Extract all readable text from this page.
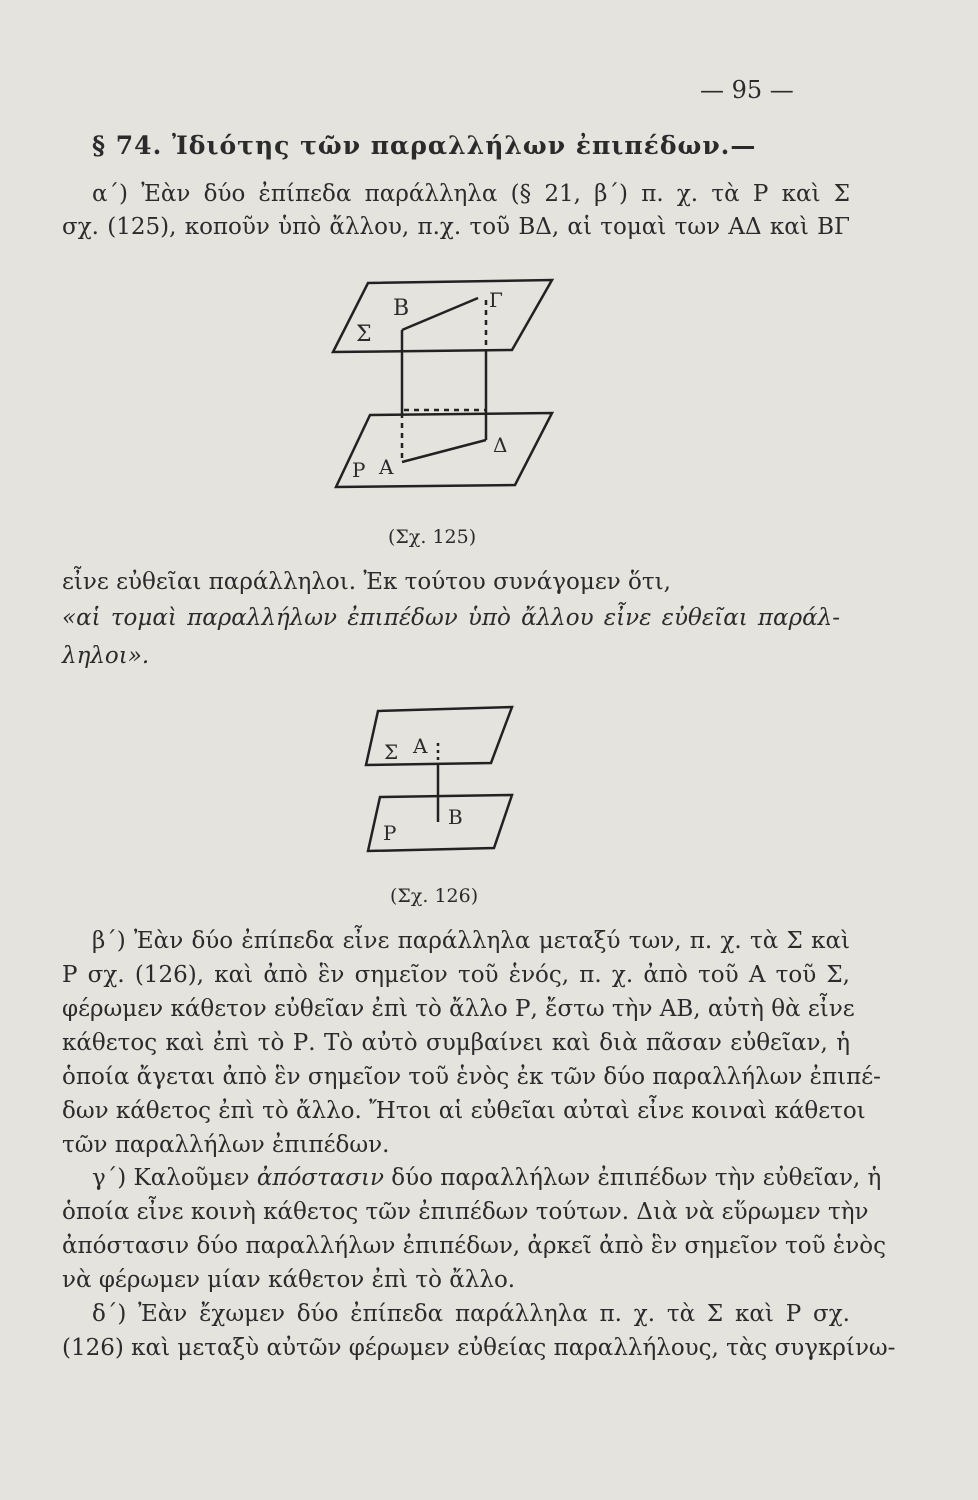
— 95 —
§ 74. Ἰδιότης τῶν παραλλήλων ἐπιπέδων.—
α΄) Ἐὰν δύο ἐπίπεδα παράλληλα (§ 21, β΄) π. χ. τὰ Ρ καὶ Σ
σχ. (125), κοποῦν ὑπὸ ἄλλου, π.χ. τοῦ ΒΔ, αἱ τομαὶ των ΑΔ καὶ ΒΓ
B	Γ
Σ
P A
Δ
(Σχ. 125)
εἶνε εὐθεῖαι παράλληλοι. Ἐκ τούτου συνάγομεν ὅτι,
«αἱ τομαὶ παραλλήλων ἐπιπέδων ὑπὸ ἄλλου εἶνε εὐθεῖαι παράλ-
ληλοι».
Σ A
P
B
(Σχ. 126)
β΄) Ἐὰν δύο ἐπίπεδα εἶνε παράλληλα μεταξύ των, π. χ. τὰ Σ καὶ
Ρ σχ. (126), καὶ ἀπὸ ἓν σημεῖον τοῦ ἑνός, π. χ. ἀπὸ τοῦ Α τοῦ Σ,
φέρωμεν κάθετον εὐθεῖαν ἐπὶ τὸ ἄλλο Ρ, ἔστω τὴν ΑΒ, αὐτὴ θὰ εἶνε
κάθετος καὶ ἐπὶ τὸ Ρ. Τὸ αὐτὸ συμβαίνει καὶ διὰ πᾶσαν εὐθεῖαν, ἡ
ὁποία ἄγεται ἀπὸ ἓν σημεῖον τοῦ ἑνὸς ἐκ τῶν δύο παραλλήλων ἐπιπέ-
δων κάθετος ἐπὶ τὸ ἄλλο. Ἤτοι αἱ εὐθεῖαι αὐταὶ εἶνε κοιναὶ κάθετοι
τῶν παραλλήλων ἐπιπέδων.
γ΄) Καλοῦμεν ἀπόστασιν δύο παραλλήλων ἐπιπέδων τὴν εὐθεῖαν, ἡ
ὁποία εἶνε κοινὴ κάθετος τῶν ἐπιπέδων τούτων. Διὰ νὰ εὕρωμεν τὴν
ἀπόστασιν δύο παραλλήλων ἐπιπέδων, ἀρκεῖ ἀπὸ ἓν σημεῖον τοῦ ἑνὸς
νὰ φέρωμεν μίαν κάθετον ἐπὶ τὸ ἄλλο.
δ΄) Ἐὰν ἔχωμεν δύο ἐπίπεδα παράλληλα π. χ. τὰ Σ καὶ Ρ σχ.
(126) καὶ μεταξὺ αὐτῶν φέρωμεν εὐθείας παραλλήλους, τὰς συγκρίνω-
